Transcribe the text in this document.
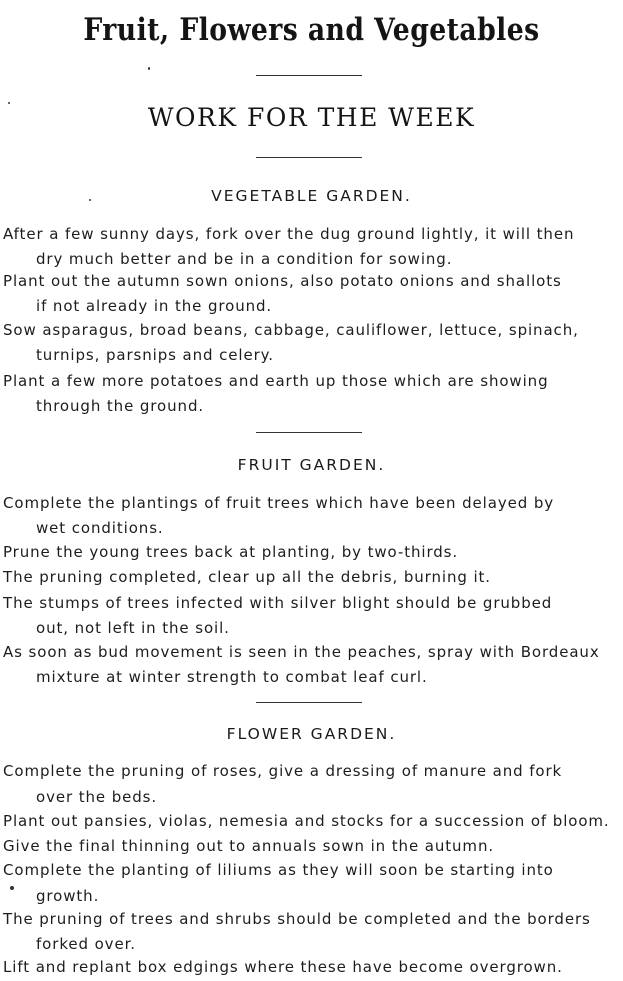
Fruit, Flowers and Vegetables
WORK FOR THE WEEK
VEGETABLE GARDEN.
After a few sunny days, fork over the dug ground lightly, it will then
dry much better and be in a condition for sowing.
Plant out the autumn sown onions, also potato onions and shallots
if not already in the ground.
Sow asparagus, broad beans, cabbage, cauliflower, lettuce, spinach,
turnips, parsnips and celery.
Plant a few more potatoes and earth up those which are showing
through the ground.
FRUIT GARDEN.
Complete the plantings of fruit trees which have been delayed by
wet conditions.
Prune the young trees back at planting, by two-thirds.
The pruning completed, clear up all the debris, burning it.
The stumps of trees infected with silver blight should be grubbed
out, not left in the soil.
As soon as bud movement is seen in the peaches, spray with Bordeaux
mixture at winter strength to combat leaf curl.
FLOWER GARDEN.
Complete the pruning of roses, give a dressing of manure and fork
over the beds.
Plant out pansies, violas, nemesia and stocks for a succession of bloom.
Give the final thinning out to annuals sown in the autumn.
Complete the planting of liliums as they will soon be starting into
growth.
The pruning of trees and shrubs should be completed and the borders
forked over.
Lift and replant box edgings where these have become overgrown.
